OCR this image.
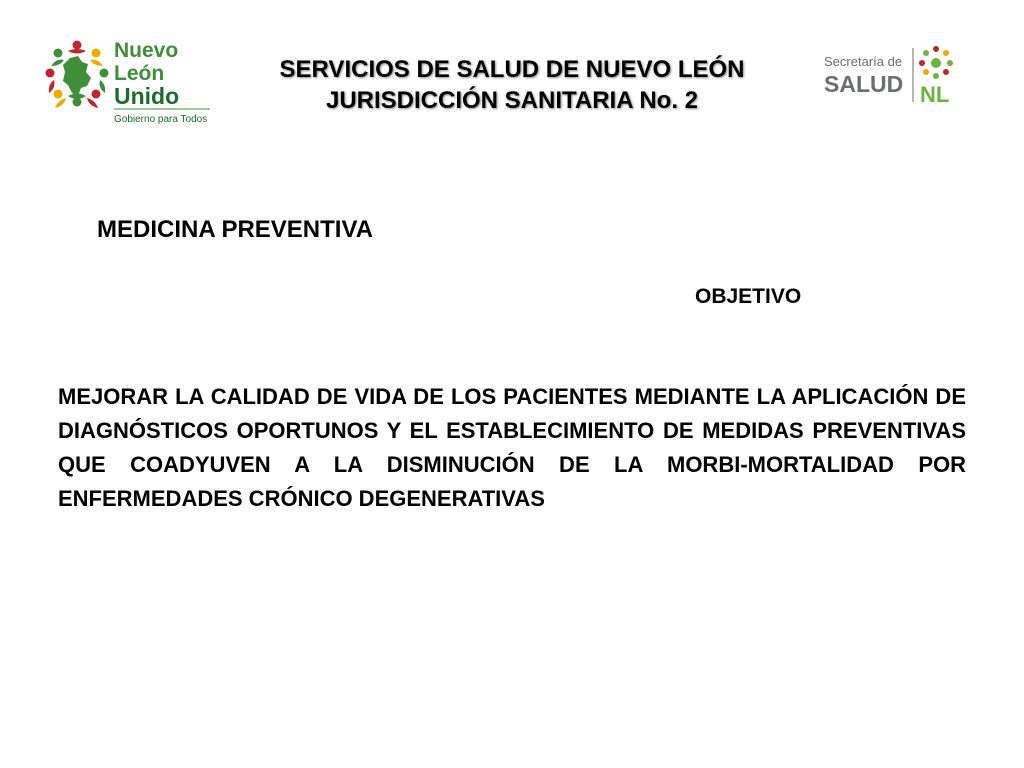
Nuevo
León
Unido
Gobierno para Todos
SERVICIOS DE SALUD DE NUEVO LEÓN
JURISDICCIÓN SANITARIA No. 2
Secretaría de
SALUD NL
MEDICINA PREVENTIVA
OBJETIVO
MEJORAR LA CALIDAD DE VIDA DE LOS PACIENTES MEDIANTE LA APLICACIÓN DE DIAGNÓSTICOS OPORTUNOS Y EL ESTABLECIMIENTO DE MEDIDAS PREVENTIVAS QUE COADYUVEN A LA DISMINUCIÓN DE LA MORBI-MORTALIDAD POR ENFERMEDADES CRÓNICO DEGENERATIVAS
